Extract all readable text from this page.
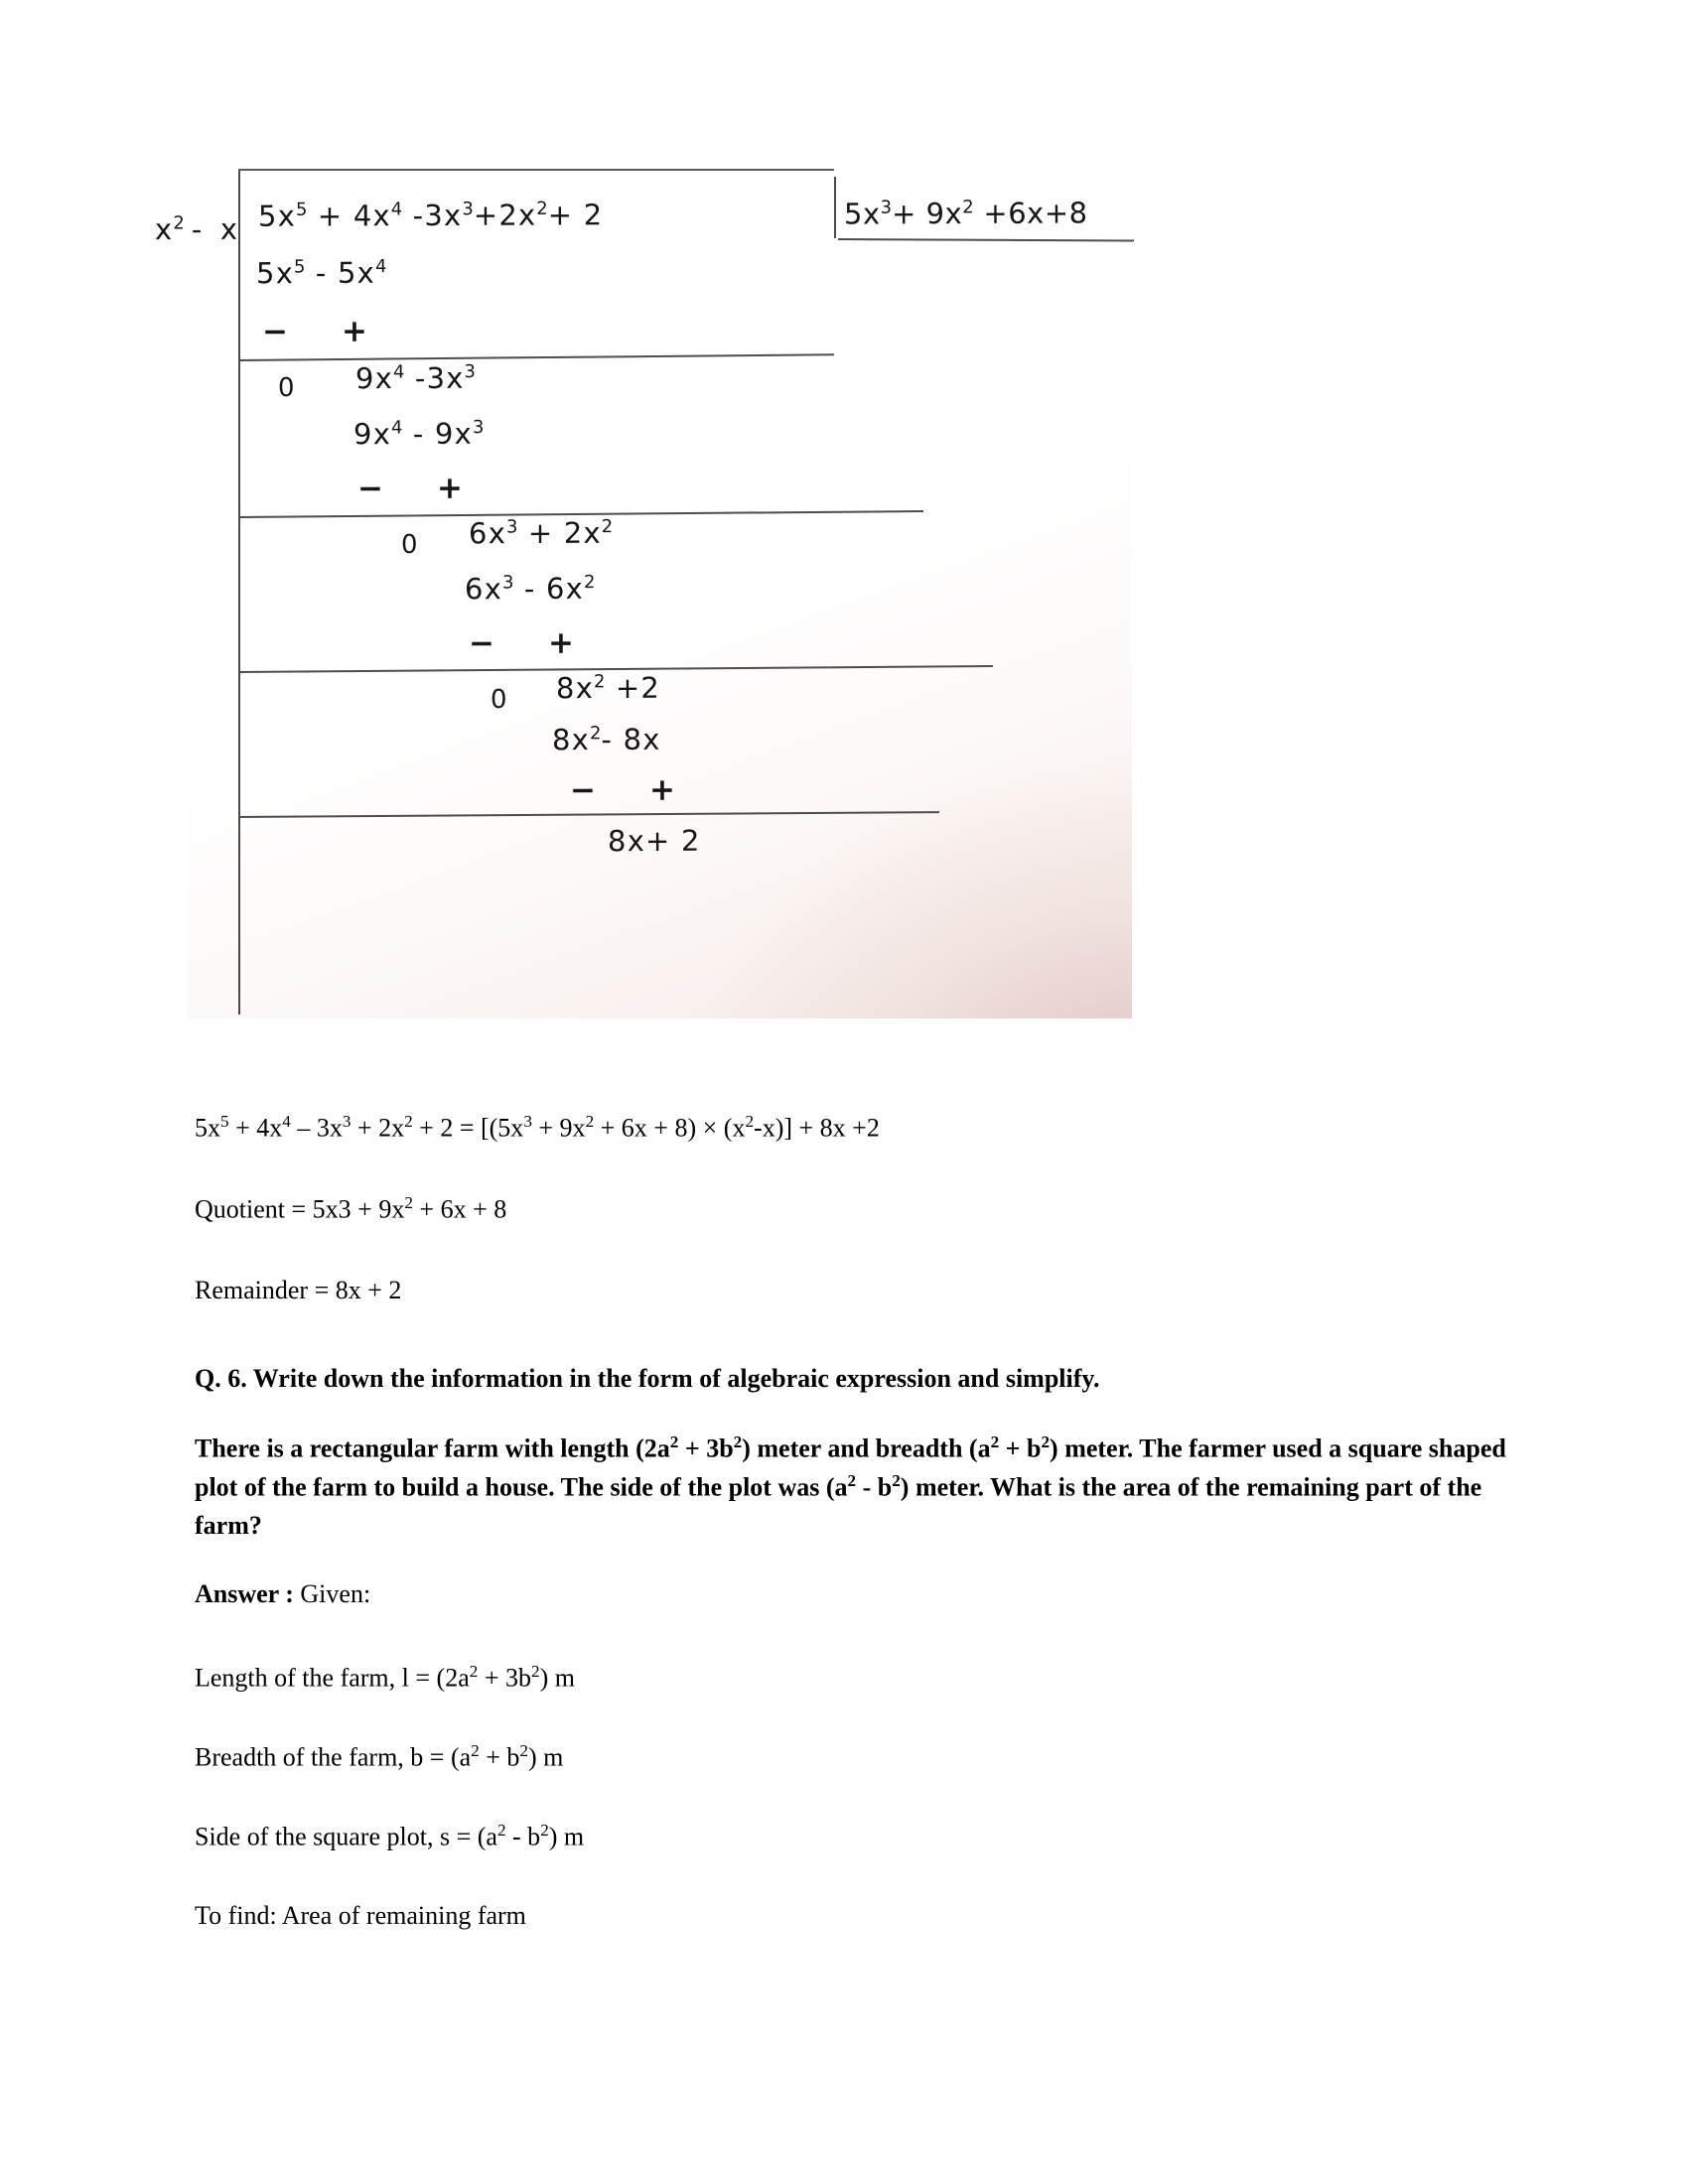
$x^2$ -  x $5x^5 + 4x^4$ $-3x^3+2x^2+ 2$	$5x^3+ 9x^2 +6x+8$
$5x^5 - 5x^4$
−     +
0 $9x^4$ $-3x^3$
$9x^4 - 9x^3$
−     +
0 $6x^3 + 2x^2$
$6x^3 - 6x^2$
−     +
0 $8x^2 +2$
$8x^2-$ 8x
−     +
8x+ 2
$5x^5 + 4x^4 - 3x^3 + 2x^2 + 2 = [(5x^3 + 9x^2 + 6x + 8) \times (x^2-x)] + 8x +2$
Quotient = $5x3 + 9x^2 + 6x + 8$
Remainder = 8x + 2
Q. 6. Write down the information in the form of algebraic expression and simplify.
There is a rectangular farm with length $(2a^2 + 3b^2)$ meter and breadth $(a^2 + b^2)$ meter. The farmer used a square shaped plot of the farm to build a house. The side of the plot was $(a^2 - b^2)$ meter. What is the area of the remaining part of the farm?
Answer : Given:
Length of the farm, $l = (2a^2 + 3b^2)$ m
Breadth of the farm, $b = (a^2 + b^2)$ m
Side of the square plot, $s = (a^2 - b^2)$ m
To find: Area of remaining farm
